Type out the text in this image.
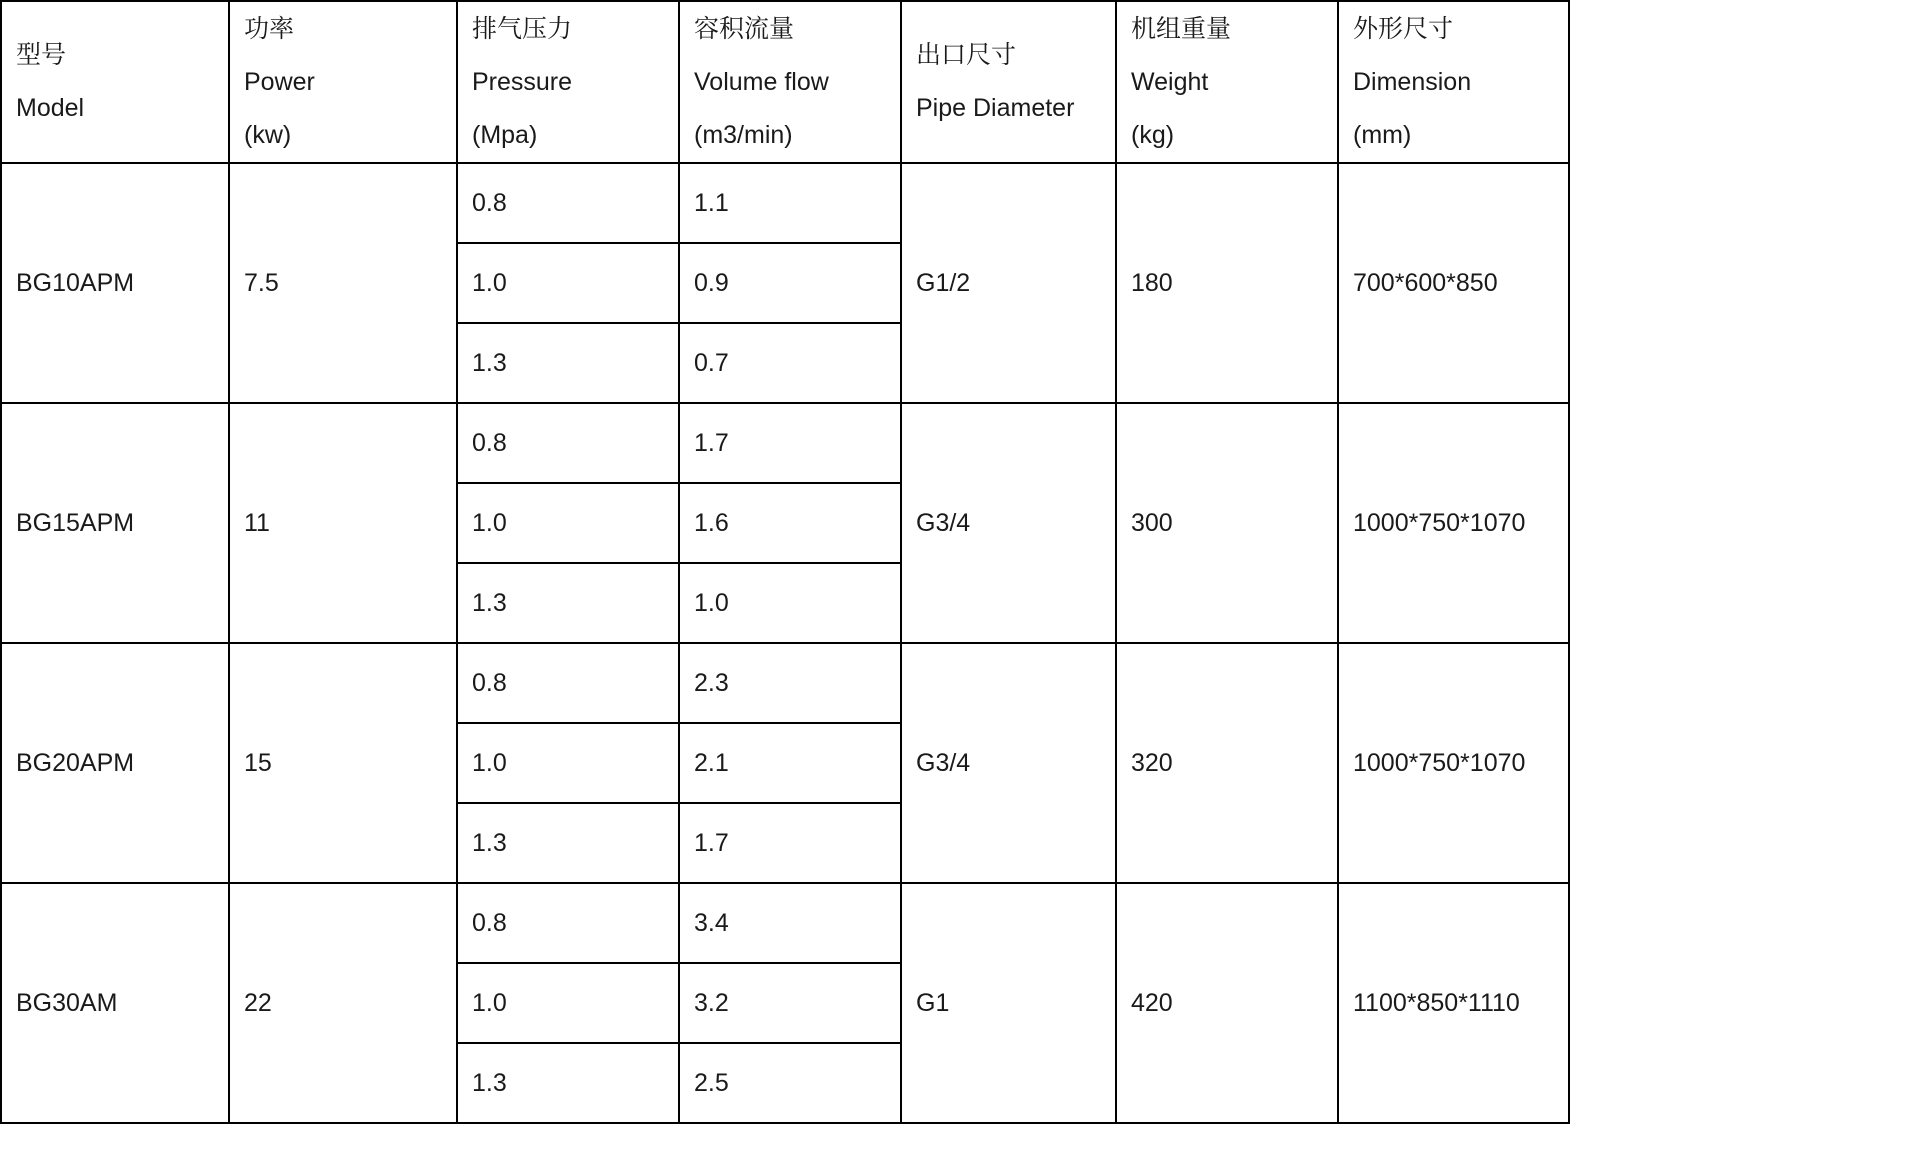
型号
Model	功率
Power
(kw)	排气压力
Pressure
(Mpa)	容积流量
Volume flow
(m3/min)	出口尺寸
Pipe Diameter	机组重量
Weight
(kg)	外形尺寸
Dimension
(mm)

BG10APM	7.5	0.8	1.1	G1/2	180	700*600*850
		1.0	0.9			
		1.3	0.7			
BG15APM	11	0.8	1.7	G3/4	300	1000*750*1070
		1.0	1.6			
		1.3	1.0			
BG20APM	15	0.8	2.3	G3/4	320	1000*750*1070
		1.0	2.1			
		1.3	1.7			
BG30AM	22	0.8	3.4	G1	420	1100*850*1110
		1.0	3.2			
		1.3	2.5			
